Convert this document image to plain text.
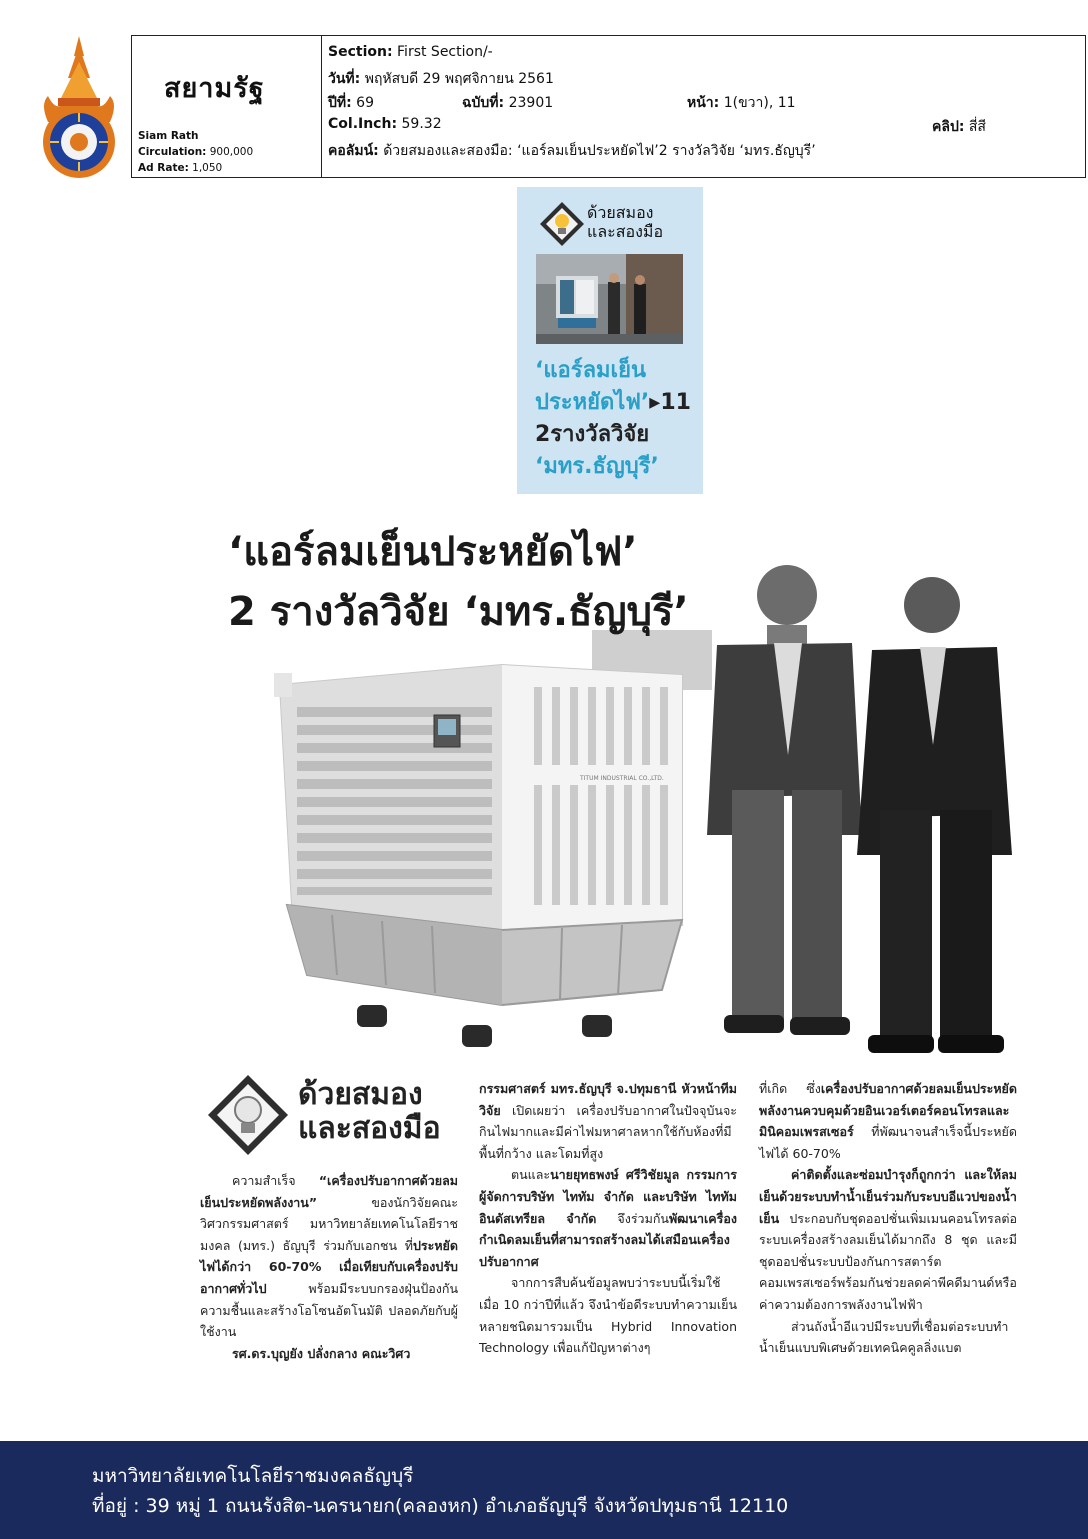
สยามรัฐ
Siam Rath
Circulation: 900,000
Ad Rate: 1,050
Section: First Section/-
วันที่: พฤหัสบดี 29 พฤศจิกายน 2561
ปีที่: 69	ฉบับที่: 23901	หน้า: 1(ขวา), 11
Col.Inch: 59.32	คลิป: สี่สี
คอลัมน์: ด้วยสมองและสองมือ: ‘แอร์ลมเย็นประหยัดไฟ’2 รางวัลวิจัย ‘มทร.ธัญบุรี’
ด้วยสมอง
และสองมือ
‘แอร์ลมเย็น
ประหยัดไฟ’▸11
2รางวัลวิจัย
‘มทร.ธัญบุรี’
TITUM INDUSTRIAL CO.,LTD.
‘แอร์ลมเย็นประหยัดไฟ’
2 รางวัลวิจัย ‘มทร.ธัญบุรี’
ด้วยสมอง
และสองมือ

ความสำเร็จ “เครื่องปรับอากาศด้วยลมเย็นประหยัดพลังงาน” ของนักวิจัยคณะวิศวกรรมศาสตร์ มหาวิทยาลัยเทคโนโลยีราชมงคล (มทร.) ธัญบุรี ร่วมกับเอกชน ที่ประหยัดไฟได้กว่า 60-70% เมื่อเทียบกับเครื่องปรับอากาศทั่วไป พร้อมมีระบบกรองฝุ่นป้องกันความชื้นและสร้างโอโซนอัตโนมัติ ปลอดภัยกับผู้ใช้งาน

รศ.ดร.บุญยัง ปลั่งกลาง คณะวิศว

กรรมศาสตร์ มทร.ธัญบุรี จ.ปทุมธานี หัวหน้าทีมวิจัย เปิดเผยว่า เครื่องปรับอากาศในปัจจุบันจะกินไฟมากและมีค่าไฟมหาศาลหากใช้กับห้องที่มีพื้นที่กว้าง และโดมที่สูง

ตนและนายยุทธพงษ์ ศรีวิชัยมูล กรรมการผู้จัดการบริษัท ไททัม จำกัด และบริษัท ไททัม อินดัสเทรียล จำกัด จึงร่วมกันพัฒนาเครื่องกำเนิดลมเย็นที่สามารถสร้างลมได้เสมือนเครื่องปรับอากาศ

จากการสืบค้นข้อมูลพบว่าระบบนี้เริ่มใช้เมื่อ 10 กว่าปีที่แล้ว จึงนำข้อดีระบบทำความเย็นหลายชนิดมารวมเป็น Hybrid Innovation Technology เพื่อแก้ปัญหาต่างๆ

ที่เกิด ซึ่งเครื่องปรับอากาศด้วยลมเย็นประหยัดพลังงานควบคุมด้วยอินเวอร์เตอร์คอนโทรลและมินิคอมเพรสเซอร์ ที่พัฒนาจนสำเร็จนี้ประหยัดไฟได้ 60-70%

ค่าติดตั้งและซ่อมบำรุงก็ถูกกว่า และให้ลมเย็นด้วยระบบทำน้ำเย็นร่วมกับระบบอีแวปของน้ำเย็น ประกอบกับชุดออปชั่นเพิ่มเมนคอนโทรลต่อระบบเครื่องสร้างลมเย็นได้มากถึง 8 ชุด และมีชุดออปชั่นระบบป้องกันการสตาร์ตคอมเพรสเซอร์พร้อมกันช่วยลดค่าพีคดีมานด์หรือค่าความต้องการพลังงานไฟฟ้า

ส่วนถังน้ำอีแวปมีระบบที่เชื่อมต่อระบบทำน้ำเย็นแบบพิเศษด้วยเทคนิคคูลลิ่งแบต

มหาวิทยาลัยเทคโนโลยีราชมงคลธัญบุรี
ที่อยู่ : 39 หมู่ 1 ถนนรังสิต-นครนายก(คลองหก) อำเภอธัญบุรี จังหวัดปทุมธานี 12110
